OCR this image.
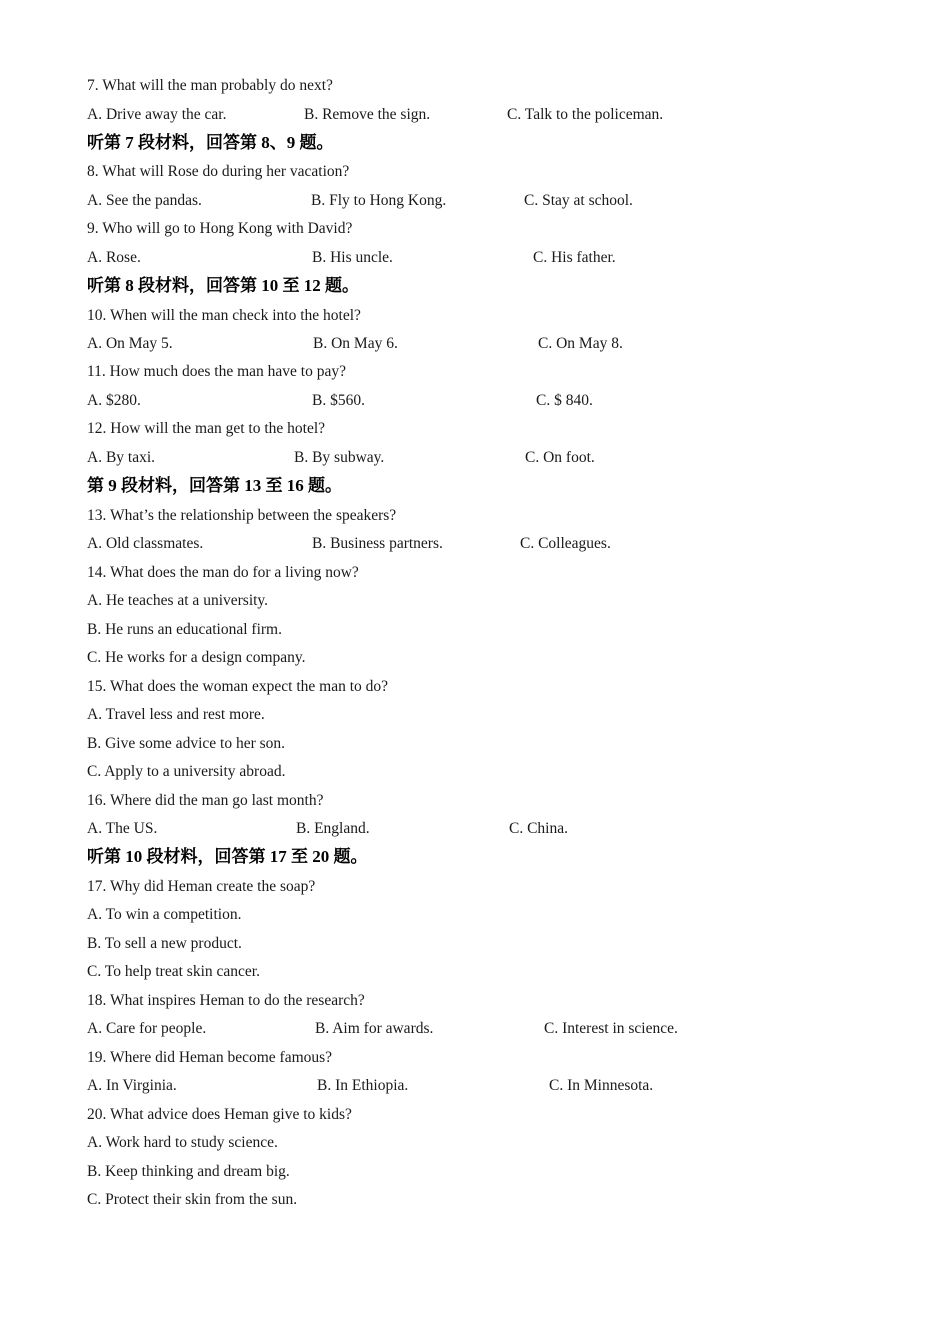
7. What will the man probably do next?
A. Drive away the car.	B. Remove the sign.	C. Talk to the policeman.
听第 7 段材料，回答第 8、9 题。
8. What will Rose do during her vacation?
A. See the pandas.	B. Fly to Hong Kong.	C. Stay at school.
9. Who will go to Hong Kong with David?
A. Rose.	B. His uncle.	C. His father.
听第 8 段材料，回答第 10 至 12 题。
10. When will the man check into the hotel?
A. On May 5.	B. On May 6.	C. On May 8.
11. How much does the man have to pay?
A. $280.	B. $560.	C. $ 840.
12. How will the man get to the hotel?
A. By taxi.	B. By subway.	C. On foot.
第 9 段材料，回答第 13 至 16 题。
13. What’s the relationship between the speakers?
A. Old classmates.	B. Business partners.	C. Colleagues.
14. What does the man do for a living now?
A. He teaches at a university.
B. He runs an educational firm.
C. He works for a design company.
15. What does the woman expect the man to do?
A. Travel less and rest more.
B. Give some advice to her son.
C. Apply to a university abroad.
16. Where did the man go last month?
A. The US.	B. England.	C. China.
听第 10 段材料，回答第 17 至 20 题。
17. Why did Heman create the soap?
A. To win a competition.
B. To sell a new product.
C. To help treat skin cancer.
18. What inspires Heman to do the research?
A. Care for people.	B. Aim for awards.	C. Interest in science.
19. Where did Heman become famous?
A. In Virginia.	B. In Ethiopia.	C. In Minnesota.
20. What advice does Heman give to kids?
A. Work hard to study science.
B. Keep thinking and dream big.
C. Protect their skin from the sun.
